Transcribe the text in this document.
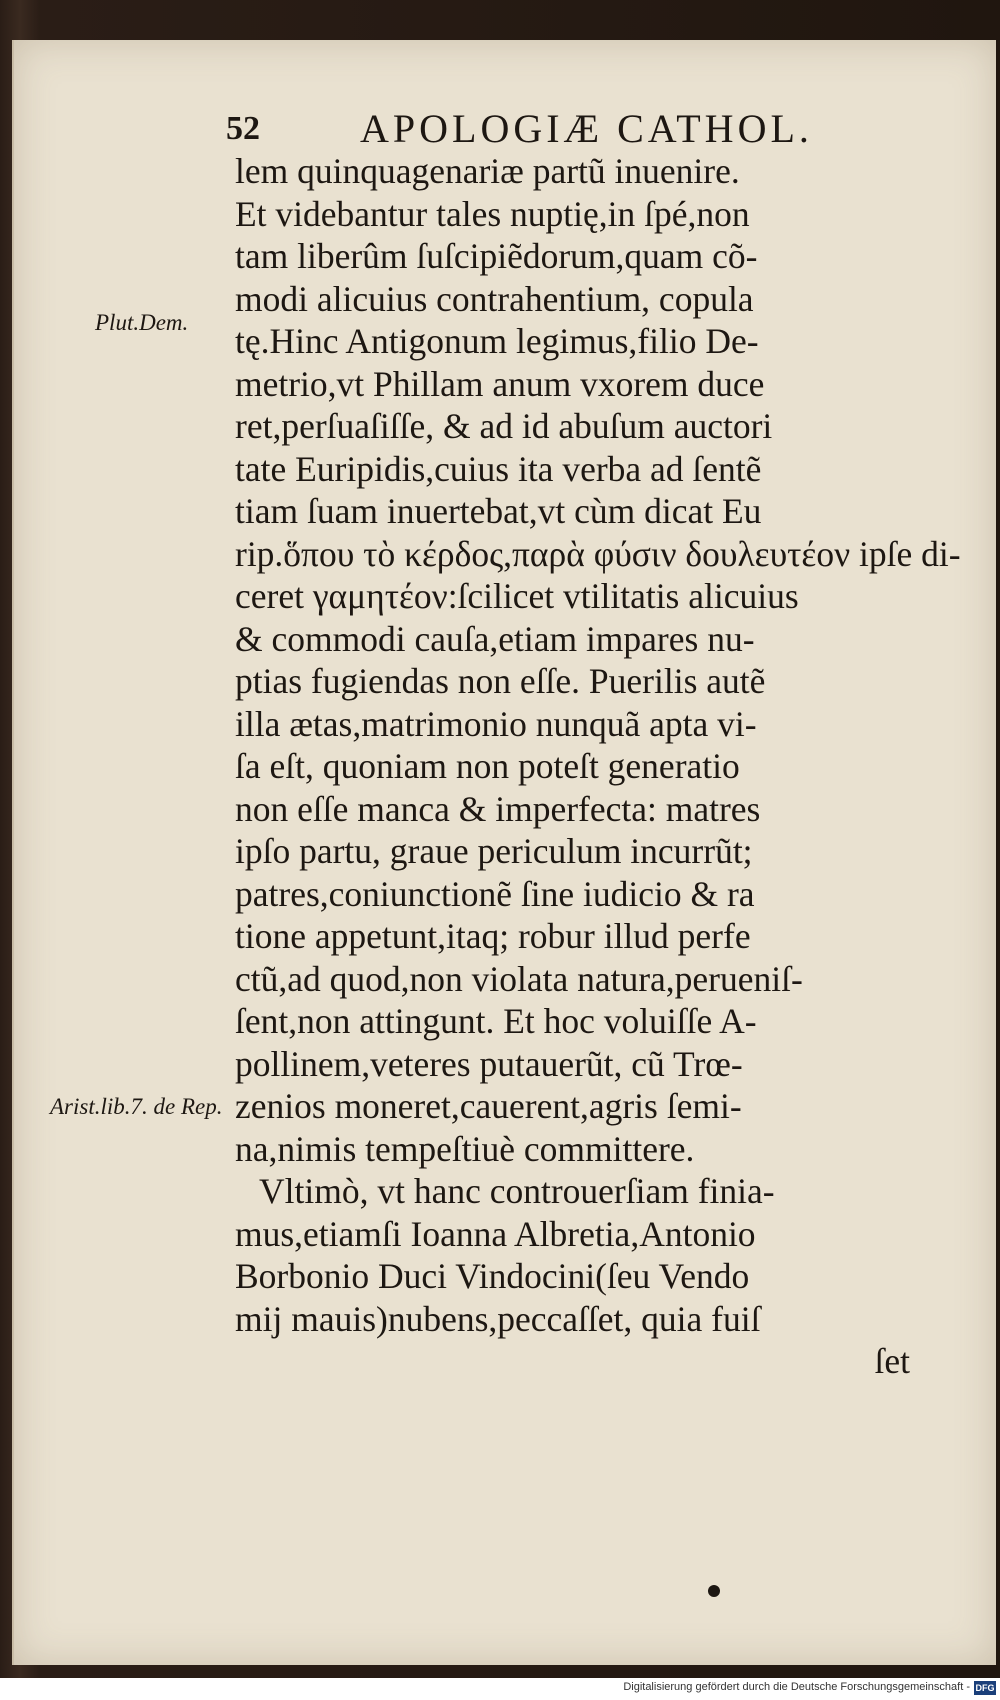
52	APOLOGIÆ CATHOL.
Plut.Dem.
Arist.lib.7. de Rep.
lem quinquagenariæ partũ inuenire.
Et videbantur tales nuptię,in ſpé,non
tam liberûm ſuſcipiẽdorum,quam cõ-
modi alicuius contrahentium, copula
tę.Hinc Antigonum legimus,filio De-
metrio,vt Phillam anum vxorem duce
ret,perſuaſiſſe, & ad id abuſum auctori
tate Euripidis,cuius ita verba ad ſentẽ
tiam ſuam inuertebat,vt cùm dicat Eu
rip.ὅπου τὸ κέρδος,παρὰ φύσιν δουλευτέον ipſe di-
ceret γαμητέον:ſcilicet vtilitatis alicuius
& commodi cauſa,etiam impares nu-
ptias fugiendas non eſſe. Puerilis autẽ
illa ætas,matrimonio nunquã apta vi-
ſa eſt, quoniam non poteſt generatio
non eſſe manca & imperfecta: matres
ipſo partu, graue periculum incurrũt;
patres,coniunctionẽ ſine iudicio & ra
tione appetunt,itaq; robur illud perfe
ctũ,ad quod,non violata natura,perueniſ-
ſent,non attingunt. Et hoc voluiſſe A-
pollinem,veteres putauerũt, cũ Trœ-
zenios moneret,cauerent,agris ſemi-
na,nimis tempeſtiuè committere.
Vltimò, vt hanc controuerſiam finia-
mus,etiamſi Ioanna Albretia,Antonio
Borbonio Duci Vindocini(ſeu Vendo
mij mauis)nubens,peccaſſet, quia fuiſ
ſet
Digitalisierung gefördert durch die Deutsche Forschungsgemeinschaft - DFG
